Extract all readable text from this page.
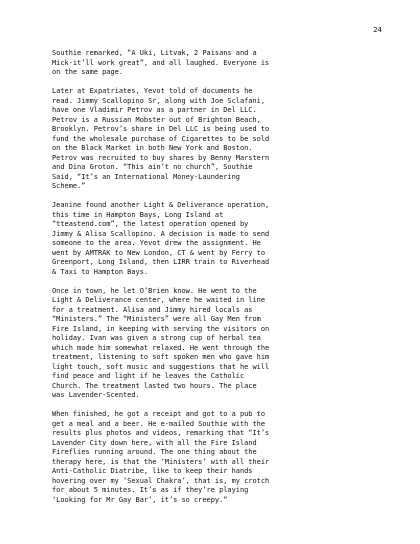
24
Southie remarked, “A Uki, Litvak, 2 Paisans and a
Mick-it’ll work great”, and all laughed. Everyone is
on the same page.
Later at Expatriates, Yevot told of documents he
read. Jimmy Scallopino Sr, along with Joe Sclafani,
have one Vladimir Petrov as a partner in Del LLC.
Petrov is a Russian Mobster out of Brighton Beach,
Brooklyn. Petrov’s share in Del LLC is being used to
fund the wholesale purchase of Cigarettes to be sold
on the Black Market in both New York and Boston.
Petrov was recruited to buy shares by Benny Marstern
and Dina Groton. “This ain’t no church”, Southie
Said, “It’s an International Money-Laundering
Scheme.”
Jeanine found another Light & Deliverance operation,
this time in Hampton Bays, Long Island at
“tteastend.com”, the latest operation opened by
Jimmy & Alisa Scallopino. A decision is made to send
someone to the area. Yevot drew the assignment. He
went by AMTRAK to New London, CT & went by Ferry to
Greenport, Long Island, then LIRR train to Riverhead
& Taxi to Hampton Bays.
Once in town, he let O’Brien know. He went to the
Light & Deliverance center, where he waited in line
for a treatment. Alisa and Jimmy hired locals as
“Ministers.” The “Ministers” were all Gay Men from
Fire Island, in keeping with serving the visitors on
holiday. Ivan was given a strong cup of herbal tea
which made him somewhat relaxed. He went through the
treatment, listening to soft spoken men who gave him
light touch, soft music and suggestions that he will
find peace and light if he leaves the Catholic
Church. The treatment lasted two hours. The place
was Lavender-Scented.
When finished, he got a receipt and got to a pub to
get a meal and a beer. He e-mailed Southie with the
results plus photos and videos, remarking that “It’s
Lavender City down here, with all the Fire Island
Fireflies running around. The one thing about the
therapy here, is that the ‘Ministers’ with all their
Anti-Catholic Diatribe, like to keep their hands
hovering over my ‘Sexual Chakra’, that is, my crotch
for about 5 minutes. It’s as if they’re playing
‘Looking for Mr Gay Bar’, it’s so creepy.”
